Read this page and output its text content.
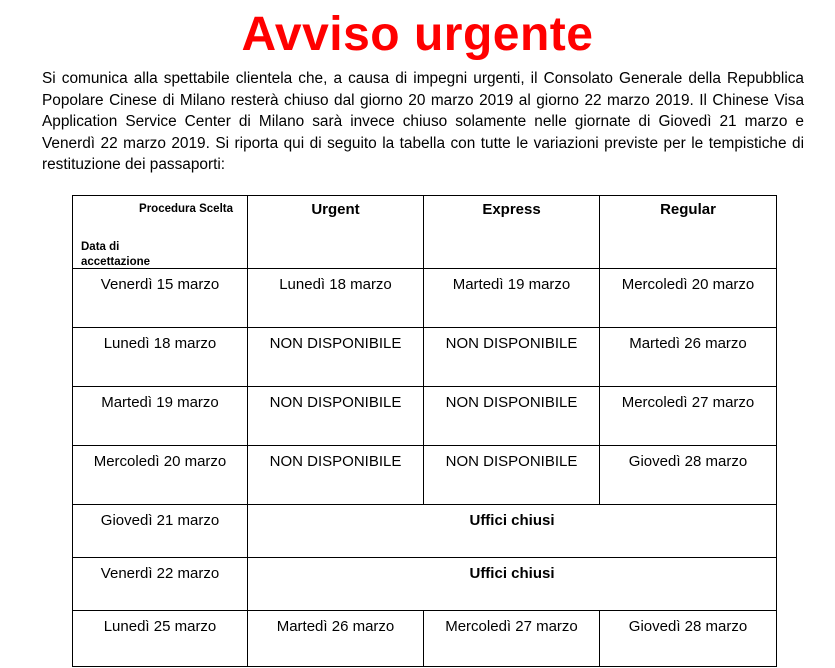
Avviso urgente
Si comunica alla spettabile clientela che, a causa di impegni urgenti, il Consolato Generale della Repubblica Popolare Cinese di Milano resterà chiuso dal giorno 20 marzo 2019 al giorno 22 marzo 2019. Il Chinese Visa Application Service Center di Milano sarà invece chiuso solamente nelle giornate di Giovedì 21 marzo e Venerdì 22 marzo 2019. Si riporta qui di seguito la tabella con tutte le variazioni previste per le tempistiche di restituzione dei passaporti:
Procedura Scelta
Data di accettazione	Urgent	Express	Regular

Venerdì 15 marzo	Lunedì 18 marzo	Martedì 19 marzo	Mercoledì 20 marzo
Lunedì 18 marzo	NON DISPONIBILE	NON DISPONIBILE	Martedì 26 marzo
Martedì 19 marzo	NON DISPONIBILE	NON DISPONIBILE	Mercoledì 27 marzo
Mercoledì 20 marzo	NON DISPONIBILE	NON DISPONIBILE	Giovedì 28 marzo
Giovedì 21 marzo	Uffici chiusi		
Venerdì 22 marzo	Uffici chiusi		
Lunedì 25 marzo	Martedì 26 marzo	Mercoledì 27 marzo	Giovedì 28 marzo
